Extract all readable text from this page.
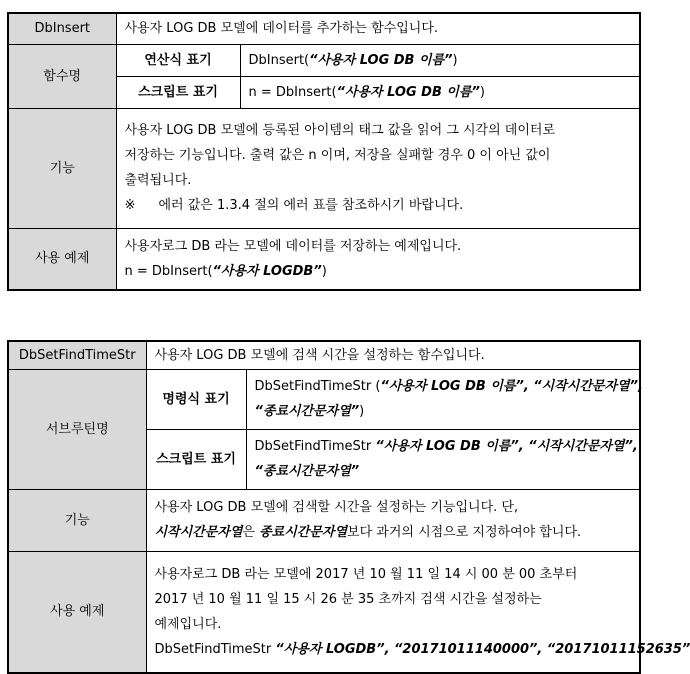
DbInsert	사용자 LOG DB 모델에 데이터를 추가하는 함수입니다.	
함수명	연산식 표기	DbInsert(“사용자 LOG DB 이름”)
	스크립트 표기	n = DbInsert(“사용자 LOG DB 이름”)
기능	사용자 LOG DB 모델에 등록된 아이템의 태그 값을 읽어 그 시각의 데이터로
저장하는 기능입니다. 출력 값은 n 이며, 저장을 실패할 경우 0 이 아닌 값이
출력됩니다.
※ 에러 값은 1.3.4 절의 에러 표를 참조하시기 바랍니다.	

사용 예제	사용자로그 DB 라는 모델에 데이터를 저장하는 예제입니다.
n = DbInsert(“사용자 LOGDB”)	
DbSetFindTimeStr	사용자 LOG DB 모델에 검색 시간을 설정하는 함수입니다.	
서브루틴명	명령식 표기	DbSetFindTimeStr (“사용자 LOG DB 이름”, “시작시간문자열”,
“종료시간문자열”)

	스크립트 표기	DbSetFindTimeStr “사용자 LOG DB 이름”, “시작시간문자열”,
“종료시간문자열”

기능	사용자 LOG DB 모델에 검색할 시간을 설정하는 기능입니다. 단,
시작시간문자열은 종료시간문자열보다 과거의 시점으로 지정하여야 합니다.	

사용 예제	사용자로그 DB 라는 모델에 2017 년 10 월 11 일 14 시 00 분 00 초부터
2017 년 10 월 11 일 15 시 26 분 35 초까지 검색 시간을 설정하는
예제입니다.
DbSetFindTimeStr “사용자 LOGDB”, “20171011140000”, “20171011152635”	
